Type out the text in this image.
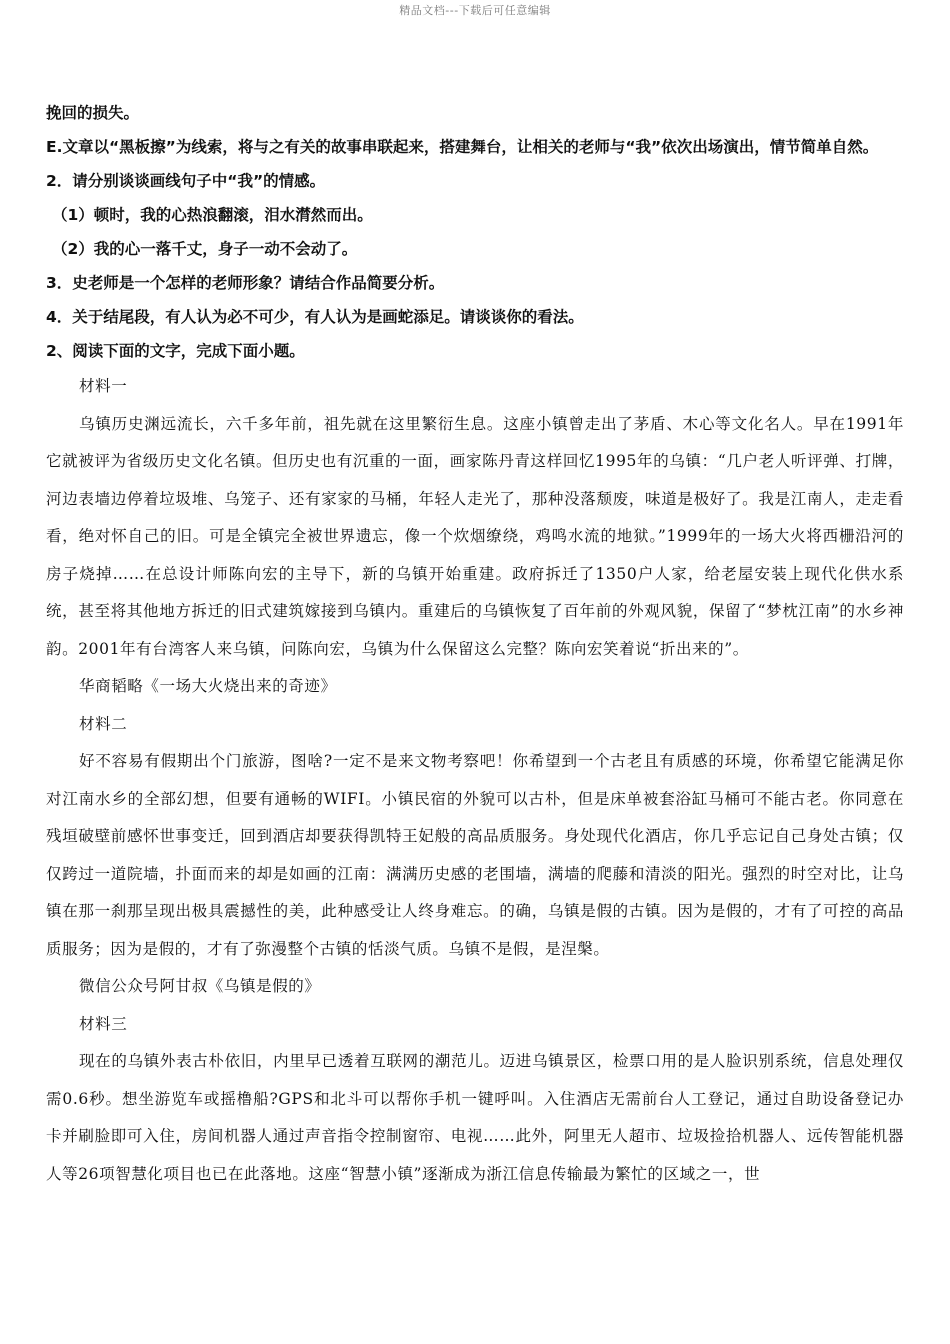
精品文档---下载后可任意编辑

挽回的损失。

E.文章以“黑板擦”为线索，将与之有关的故事串联起来，搭建舞台，让相关的老师与“我”依次出场演出，情节简单自然。

2．请分别谈谈画线句子中“我”的情感。

（1）顿时，我的心热浪翻滚，泪水潸然而出。

（2）我的心一落千丈，身子一动不会动了。

3．史老师是一个怎样的老师形象？请结合作品简要分析。

4．关于结尾段，有人认为必不可少，有人认为是画蛇添足。请谈谈你的看法。

2、阅读下面的文字，完成下面小题。

材料一

乌镇历史渊远流长，六千多年前，祖先就在这里繁衍生息。这座小镇曾走出了茅盾、木心等文化名人。早在1991年它就被评为省级历史文化名镇。但历史也有沉重的一面，画家陈丹青这样回忆1995年的乌镇：“几户老人听评弹、打牌，河边表墙边停着垃圾堆、乌笼子、还有家家的马桶，年轻人走光了，那种没落颓废，味道是极好了。我是江南人，走走看看，绝对怀自己的旧。可是全镇完全被世界遗忘，像一个炊烟缭绕，鸡鸣水流的地狱。”1999年的一场大火将西栅沿河的房子烧掉……在总设计师陈向宏的主导下，新的乌镇开始重建。政府拆迁了1350户人家，给老屋安装上现代化供水系统，甚至将其他地方拆迁的旧式建筑嫁接到乌镇内。重建后的乌镇恢复了百年前的外观风貌，保留了“梦枕江南”的水乡神韵。2001年有台湾客人来乌镇，问陈向宏，乌镇为什么保留这么完整？陈向宏笑着说“折出来的”。

华商韬略《一场大火烧出来的奇迹》

材料二

好不容易有假期出个门旅游，图啥?一定不是来文物考察吧！你希望到一个古老且有质感的环境，你希望它能满足你对江南水乡的全部幻想，但要有通畅的WIFI。小镇民宿的外貌可以古朴，但是床单被套浴缸马桶可不能古老。你同意在残垣破壁前感怀世事变迁，回到酒店却要获得凯特王妃般的高品质服务。身处现代化酒店，你几乎忘记自己身处古镇；仅仅跨过一道院墙，扑面而来的却是如画的江南：满满历史感的老围墙，满墙的爬藤和清淡的阳光。强烈的时空对比，让乌镇在那一刹那呈现出极具震撼性的美，此种感受让人终身难忘。的确，乌镇是假的古镇。因为是假的，才有了可控的高品质服务；因为是假的，才有了弥漫整个古镇的恬淡气质。乌镇不是假，是涅槃。

微信公众号阿甘叔《乌镇是假的》

材料三

现在的乌镇外表古朴依旧，内里早已透着互联网的潮范儿。迈进乌镇景区，检票口用的是人脸识别系统，信息处理仅需0.6秒。想坐游览车或摇橹船?GPS和北斗可以帮你手机一键呼叫。入住酒店无需前台人工登记，通过自助设备登记办卡并刷脸即可入住，房间机器人通过声音指令控制窗帘、电视……此外，阿里无人超市、垃圾捡拾机器人、远传智能机器人等26项智慧化项目也已在此落地。这座“智慧小镇”逐渐成为浙江信息传输最为繁忙的区域之一，世
